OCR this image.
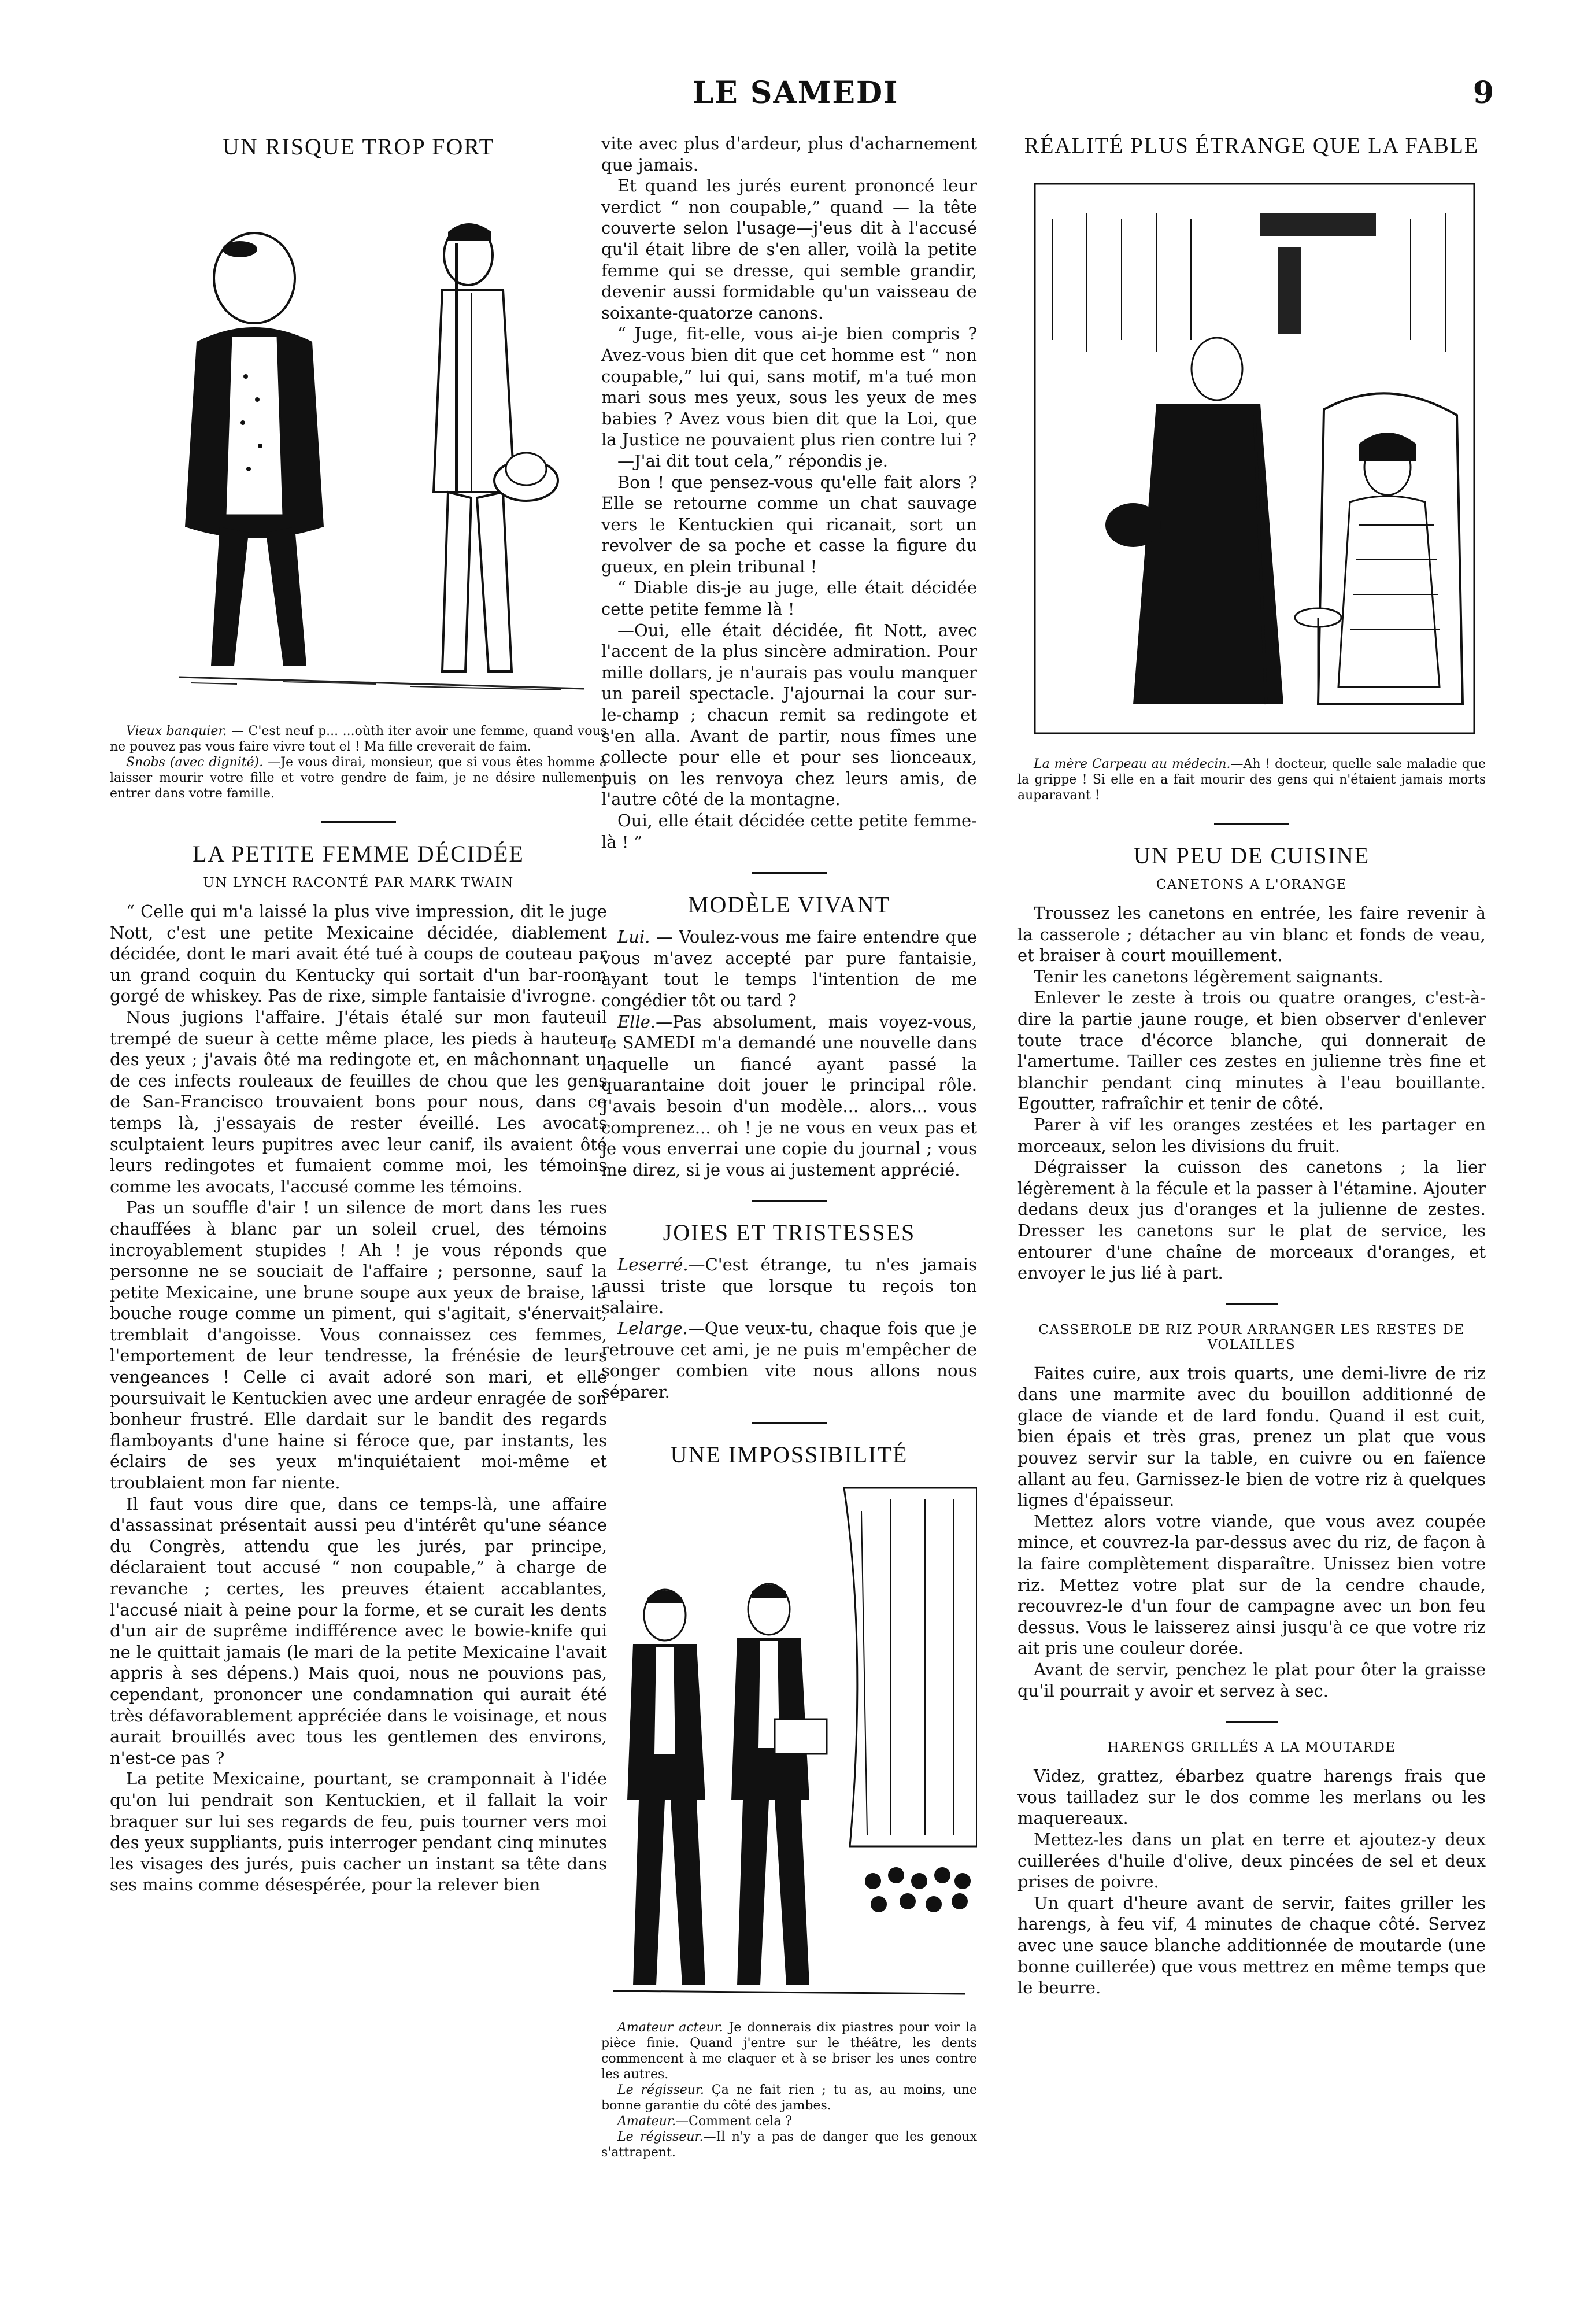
LE SAMEDI	9
UN RISQUE TROP FORT
Vieux banquier. — C'est neuf p... ...oùth iter avoir une femme, quand vous ne pouvez pas vous faire vivre tout el ! Ma fille creverait de faim.
Snobs (avec dignité). —Je vous dirai, monsieur, que si vous êtes homme à laisser mourir votre fille et votre gendre de faim, je ne désire nullement entrer dans votre famille.
LA PETITE FEMME DÉCIDÉE
UN LYNCH RACONTÉ PAR MARK TWAIN

“ Celle qui m'a laissé la plus vive impression, dit le juge Nott, c'est une petite Mexicaine décidée, diablement décidée, dont le mari avait été tué à coups de couteau par un grand coquin du Kentucky qui sortait d'un bar-room gorgé de whiskey. Pas de rixe, simple fantaisie d'ivrogne.

Nous jugions l'affaire. J'étais étalé sur mon fauteuil trempé de sueur à cette même place, les pieds à hauteur des yeux ; j'avais ôté ma redingote et, en mâchonnant un de ces infects rouleaux de feuilles de chou que les gens de San-Francisco trouvaient bons pour nous, dans ce temps là, j'essayais de rester éveillé. Les avocats sculptaient leurs pupitres avec leur canif, ils avaient ôté leurs redingotes et fumaient comme moi, les témoins comme les avocats, l'accusé comme les témoins.

Pas un souffle d'air ! un silence de mort dans les rues chauffées à blanc par un soleil cruel, des témoins incroyablement stupides ! Ah ! je vous réponds que personne ne se souciait de l'affaire ; personne, sauf la petite Mexicaine, une brune soupe aux yeux de braise, la bouche rouge comme un piment, qui s'agitait, s'énervait, tremblait d'angoisse. Vous connaissez ces femmes, l'emportement de leur tendresse, la frénésie de leurs vengeances ! Celle ci avait adoré son mari, et elle poursuivait le Kentuckien avec une ardeur enragée de son bonheur frustré. Elle dardait sur le bandit des regards flamboyants d'une haine si féroce que, par instants, les éclairs de ses yeux m'inquiétaient moi-même et troublaient mon far niente.

Il faut vous dire que, dans ce temps-là, une affaire d'assassinat présentait aussi peu d'intérêt qu'une séance du Congrès, attendu que les jurés, par principe, déclaraient tout accusé “ non coupable,” à charge de revanche ; certes, les preuves étaient accablantes, l'accusé niait à peine pour la forme, et se curait les dents d'un air de suprême indifférence avec le bowie-knife qui ne le quittait jamais (le mari de la petite Mexicaine l'avait appris à ses dépens.) Mais quoi, nous ne pouvions pas, cependant, prononcer une condamnation qui aurait été très défavorablement appréciée dans le voisinage, et nous aurait brouillés avec tous les gentlemen des environs, n'est-ce pas ?

La petite Mexicaine, pourtant, se cramponnait à l'idée qu'on lui pendrait son Kentuckien, et il fallait la voir braquer sur lui ses regards de feu, puis tourner vers moi des yeux suppliants, puis interroger pendant cinq minutes les visages des jurés, puis cacher un instant sa tête dans ses mains comme désespérée, pour la relever bien

vite avec plus d'ardeur, plus d'acharnement que jamais.

Et quand les jurés eurent prononcé leur verdict “ non coupable,” quand — la tête couverte selon l'usage—j'eus dit à l'accusé qu'il était libre de s'en aller, voilà la petite femme qui se dresse, qui semble grandir, devenir aussi formidable qu'un vaisseau de soixante-quatorze canons.

“ Juge, fit-elle, vous ai-je bien compris ? Avez-vous bien dit que cet homme est “ non coupable,” lui qui, sans motif, m'a tué mon mari sous mes yeux, sous les yeux de mes babies ? Avez vous bien dit que la Loi, que la Justice ne pouvaient plus rien contre lui ?

—J'ai dit tout cela,” répondis je.

Bon ! que pensez-vous qu'elle fait alors ? Elle se retourne comme un chat sauvage vers le Kentuckien qui ricanait, sort un revolver de sa poche et casse la figure du gueux, en plein tribunal !

“ Diable dis-je au juge, elle était décidée cette petite femme là !

—Oui, elle était décidée, fit Nott, avec l'accent de la plus sincère admiration. Pour mille dollars, je n'aurais pas voulu manquer un pareil spectacle. J'ajournai la cour sur-le-champ ; chacun remit sa redingote et s'en alla. Avant de partir, nous fîmes une collecte pour elle et pour ses lionceaux, puis on les renvoya chez leurs amis, de l'autre côté de la montagne.

Oui, elle était décidée cette petite femme-là ! ”

MODÈLE VIVANT

Lui. — Voulez-vous me faire entendre que vous m'avez accepté par pure fantaisie, ayant tout le temps l'intention de me congédier tôt ou tard ?

Elle.—Pas absolument, mais voyez-vous, le SAMEDI m'a demandé une nouvelle dans laquelle un fiancé ayant passé la quarantaine doit jouer le principal rôle. J'avais besoin d'un modèle... alors... vous comprenez... oh ! je ne vous en veux pas et je vous enverrai une copie du journal ; vous me direz, si je vous ai justement apprécié.

JOIES ET TRISTESSES

Leserré.—C'est étrange, tu n'es jamais aussi triste que lorsque tu reçois ton salaire.

Lelarge.—Que veux-tu, chaque fois que je retrouve cet ami, je ne puis m'empêcher de songer combien vite nous allons nous séparer.

UNE IMPOSSIBILITÉ
Amateur acteur. Je donnerais dix piastres pour voir la pièce finie. Quand j'entre sur le théâtre, les dents commencent à me claquer et à se briser les unes contre les autres.
Le régisseur. Ça ne fait rien ; tu as, au moins, une bonne garantie du côté des jambes.
Amateur.—Comment cela ?
Le régisseur.—Il n'y a pas de danger que les genoux s'attrapent.
RÉALITÉ PLUS ÉTRANGE QUE LA FABLE
La mère Carpeau au médecin.—Ah ! docteur, quelle sale maladie que la grippe ! Si elle en a fait mourir des gens qui n'étaient jamais morts auparavant !
UN PEU DE CUISINE
CANETONS A L'ORANGE

Troussez les canetons en entrée, les faire revenir à la casserole ; détacher au vin blanc et fonds de veau, et braiser à court mouillement.

Tenir les canetons légèrement saignants.

Enlever le zeste à trois ou quatre oranges, c'est-à-dire la partie jaune rouge, et bien observer d'enlever toute trace d'écorce blanche, qui donnerait de l'amertume. Tailler ces zestes en julienne très fine et blanchir pendant cinq minutes à l'eau bouillante. Egoutter, rafraîchir et tenir de côté.

Parer à vif les oranges zestées et les partager en morceaux, selon les divisions du fruit.

Dégraisser la cuisson des canetons ; la lier légèrement à la fécule et la passer à l'étamine. Ajouter dedans deux jus d'oranges et la julienne de zestes. Dresser les canetons sur le plat de service, les entourer d'une chaîne de morceaux d'oranges, et envoyer le jus lié à part.

CASSEROLE DE RIZ POUR ARRANGER LES RESTES DE VOLAILLES

Faites cuire, aux trois quarts, une demi-livre de riz dans une marmite avec du bouillon additionné de glace de viande et de lard fondu. Quand il est cuit, bien épais et très gras, prenez un plat que vous pouvez servir sur la table, en cuivre ou en faïence allant au feu. Garnissez-le bien de votre riz à quelques lignes d'épaisseur.

Mettez alors votre viande, que vous avez coupée mince, et couvrez-la par-dessus avec du riz, de façon à la faire complètement disparaître. Unissez bien votre riz. Mettez votre plat sur de la cendre chaude, recouvrez-le d'un four de campagne avec un bon feu dessus. Vous le laisserez ainsi jusqu'à ce que votre riz ait pris une couleur dorée.

Avant de servir, penchez le plat pour ôter la graisse qu'il pourrait y avoir et servez à sec.

HARENGS GRILLÉS A LA MOUTARDE

Videz, grattez, ébarbez quatre harengs frais que vous tailladez sur le dos comme les merlans ou les maquereaux.

Mettez-les dans un plat en terre et ajoutez-y deux cuillerées d'huile d'olive, deux pincées de sel et deux prises de poivre.

Un quart d'heure avant de servir, faites griller les harengs, à feu vif, 4 minutes de chaque côté. Servez avec une sauce blanche additionnée de moutarde (une bonne cuillerée) que vous mettrez en même temps que le beurre.
